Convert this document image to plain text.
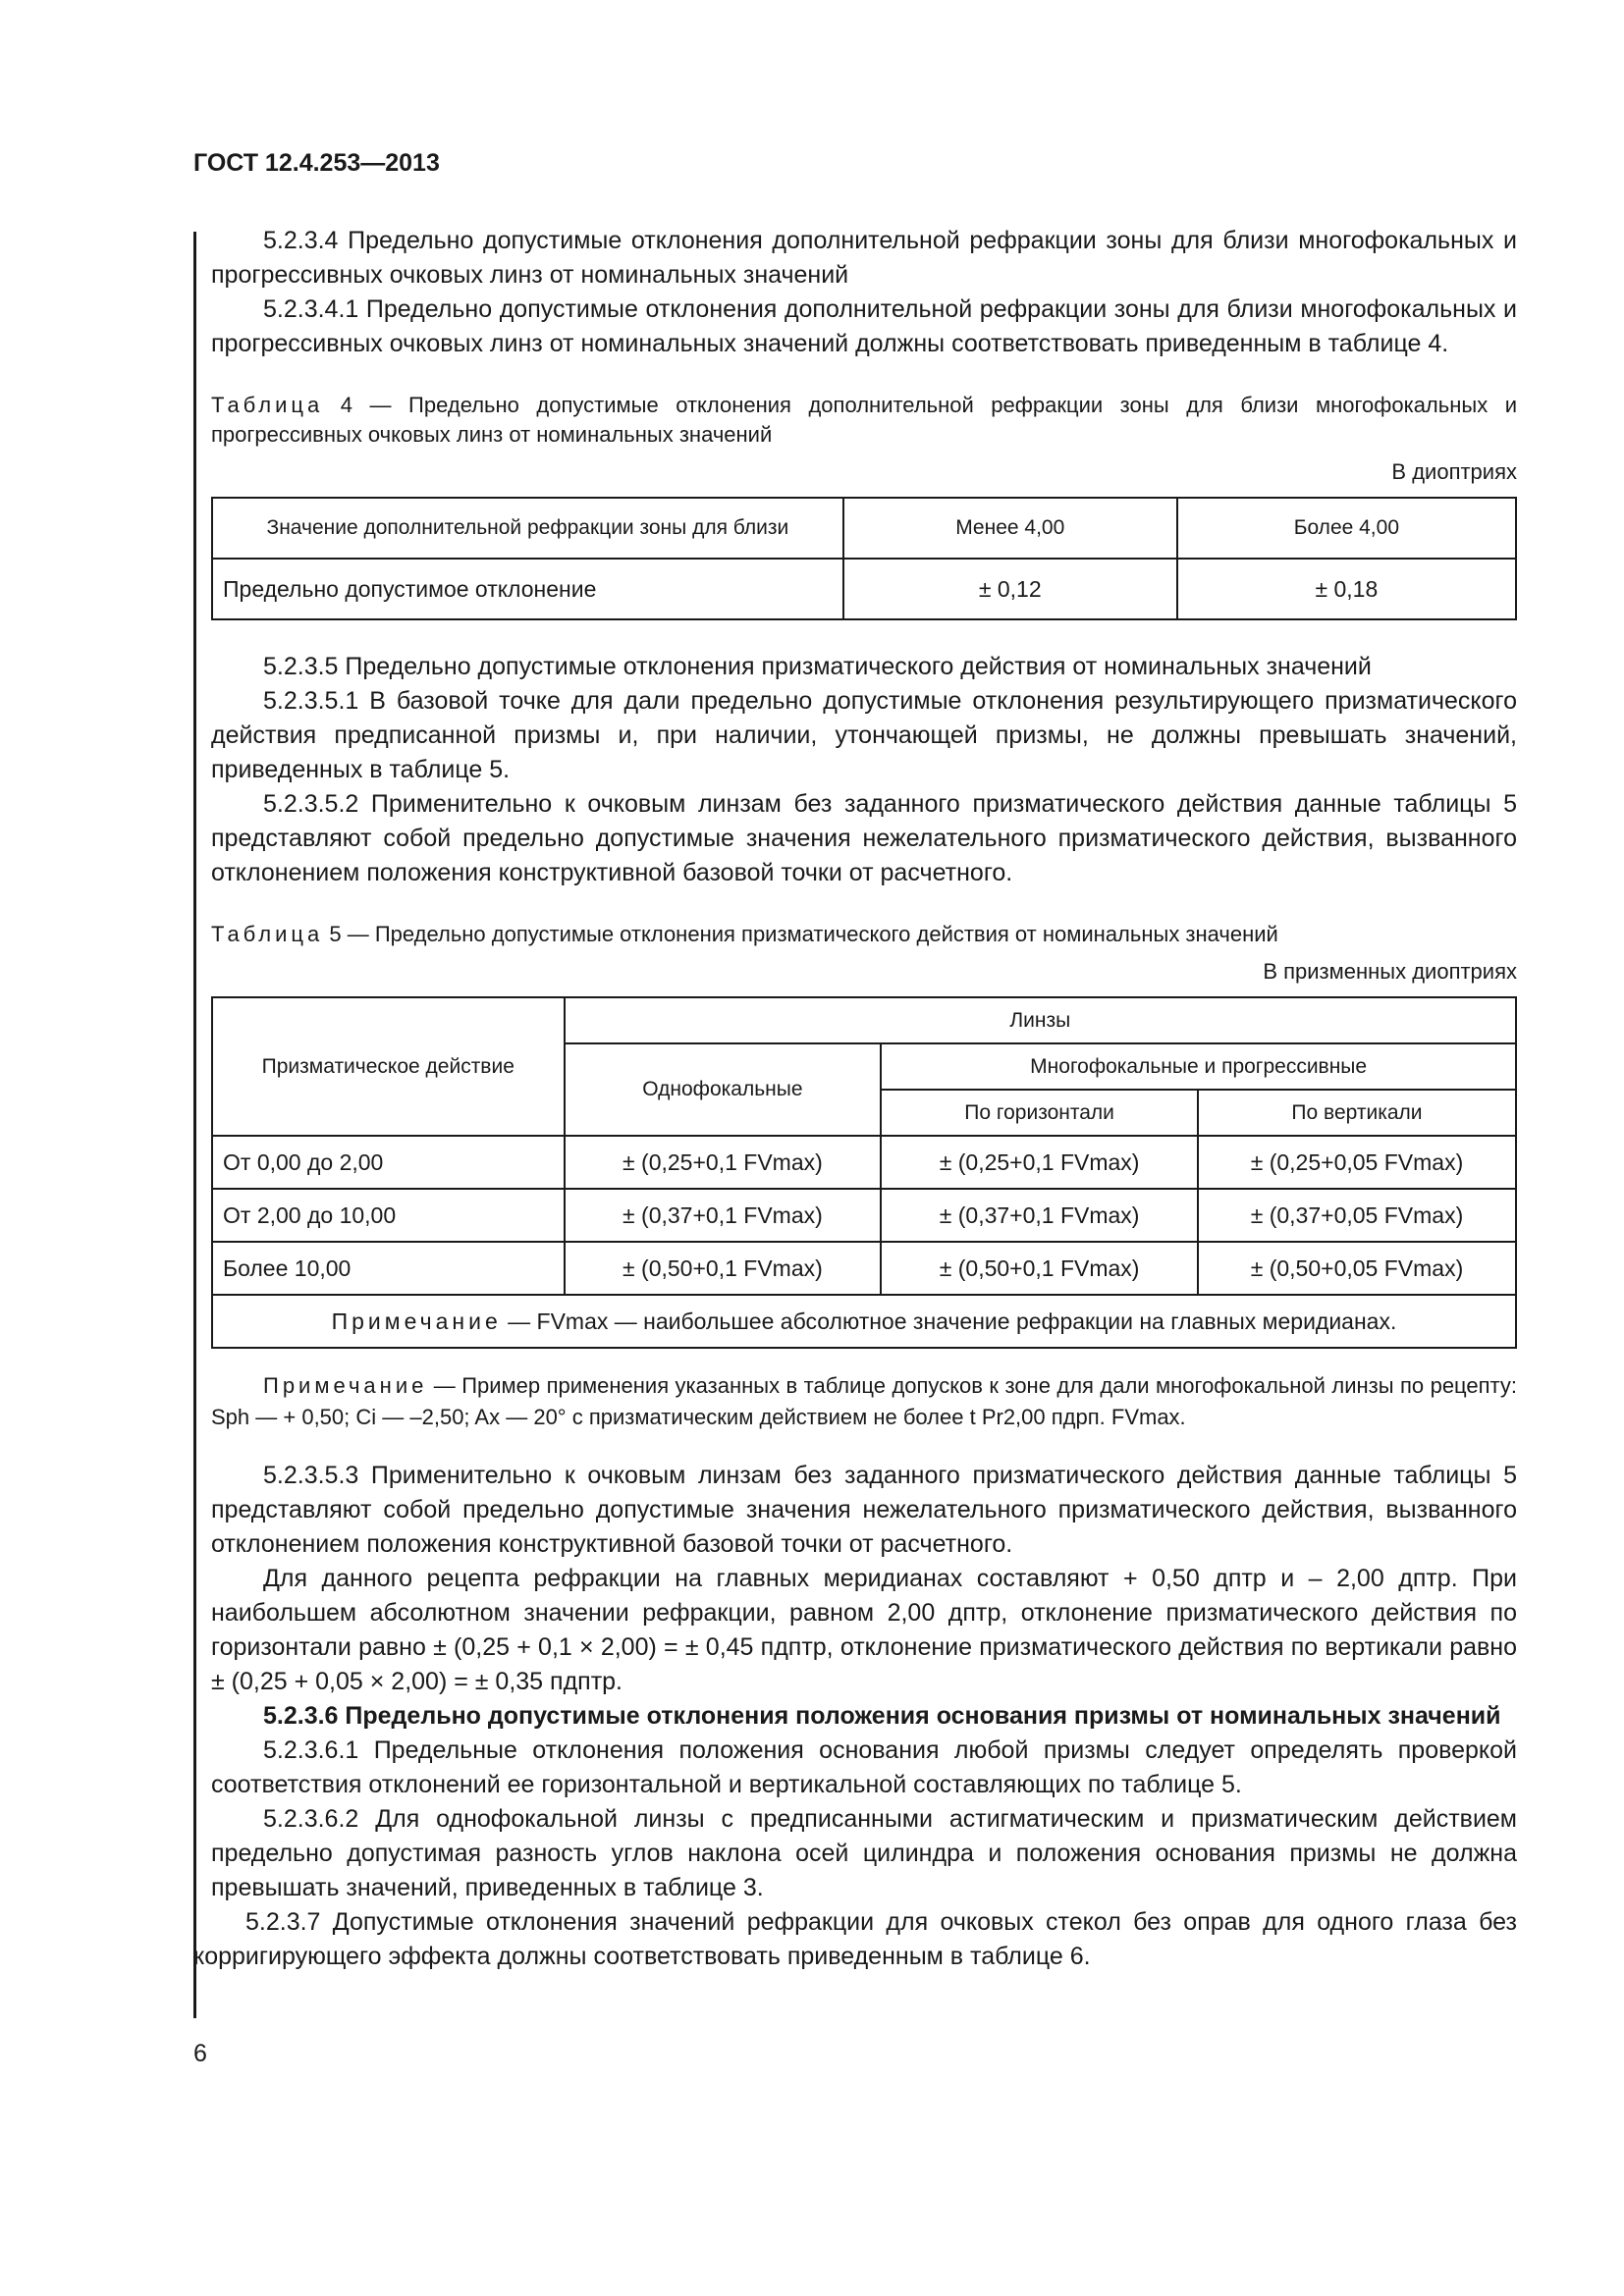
ГОСТ 12.4.253—2013

5.2.3.4 Предельно допустимые отклонения дополнительной рефракции зоны для близи многофокальных и прогрессивных очковых линз от номинальных значений

5.2.3.4.1 Предельно допустимые отклонения дополнительной рефракции зоны для близи многофокальных и прогрессивных очковых линз от номинальных значений должны соответствовать приведенным в таблице 4.

Таблица 4 — Предельно допустимые отклонения дополнительной рефракции зоны для близи многофокальных и прогрессивных очковых линз от номинальных значений

В диоптриях
Значение дополнительной рефракции зоны для близи	Менее 4,00	Более 4,00
Предельно допустимое отклонение	± 0,12	± 0,18

5.2.3.5 Предельно допустимые отклонения призматического действия от номинальных значений

5.2.3.5.1 В базовой точке для дали предельно допустимые отклонения результирующего призматического действия предписанной призмы и, при наличии, утончающей призмы, не должны превышать значений, приведенных в таблице 5.

5.2.3.5.2 Применительно к очковым линзам без заданного призматического действия данные таблицы 5 представляют собой предельно допустимые значения нежелательного призматического действия, вызванного отклонением положения конструктивной базовой точки от расчетного.

Таблица 5 — Предельно допустимые отклонения призматического действия от номинальных значений

В призменных диоптриях
Призматическое действие	Линзы		
	Однофокальные	Многофокальные и прогрессивные	
		По горизонтали	По вертикали
От 0,00 до 2,00	± (0,25+0,1 FVmax)	± (0,25+0,1 FVmax)	± (0,25+0,05 FVmax)
От 2,00 до 10,00	± (0,37+0,1 FVmax)	± (0,37+0,1 FVmax)	± (0,37+0,05 FVmax)
Более 10,00	± (0,50+0,1 FVmax)	± (0,50+0,1 FVmax)	± (0,50+0,05 FVmax)
Примечание — FVmax — наибольшее абсолютное значение рефракции на главных меридианах.			

Примечание — Пример применения указанных в таблице допусков к зоне для дали многофокальной линзы по рецепту: Sph — + 0,50; Ci — –2,50; Ax — 20° с призматическим действием не более t Pr2,00 пдрп. FVmax.

5.2.3.5.3 Применительно к очковым линзам без заданного призматического действия данные таблицы 5 представляют собой предельно допустимые значения нежелательного призматического действия, вызванного отклонением положения конструктивной базовой точки от расчетного.

Для данного рецепта рефракции на главных меридианах составляют + 0,50 дптр и – 2,00 дптр. При наибольшем абсолютном значении рефракции, равном 2,00 дптр, отклонение призматического действия по горизонтали равно ± (0,25 + 0,1 × 2,00) = ± 0,45 пдптр, отклонение призматического действия по вертикали равно ± (0,25 + 0,05 × 2,00) = ± 0,35 пдптр.

5.2.3.6 Предельно допустимые отклонения положения основания призмы от номинальных значений

5.2.3.6.1 Предельные отклонения положения основания любой призмы следует определять проверкой соответствия отклонений ее горизонтальной и вертикальной составляющих по таблице 5.

5.2.3.6.2 Для однофокальной линзы с предписанными астигматическим и призматическим действием предельно допустимая разность углов наклона осей цилиндра и положения основания призмы не должна превышать значений, приведенных в таблице 3.

5.2.3.7 Допустимые отклонения значений рефракции для очковых стекол без оправ для одного глаза без корригирующего эффекта должны соответствовать приведенным в таблице 6.

6
